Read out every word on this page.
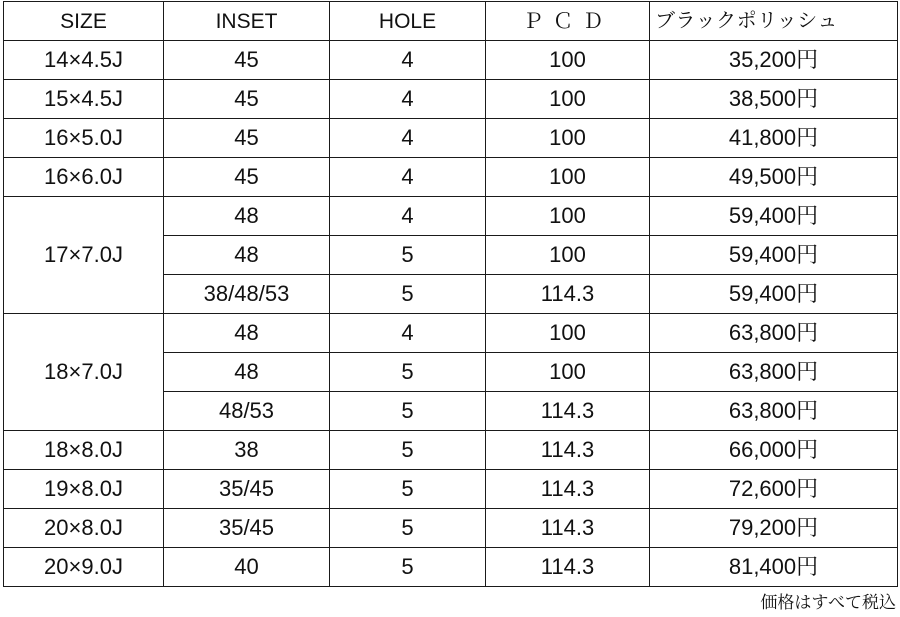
SIZE	INSET	HOLE	ＰＣＤ	ブラックポリッシュ
14×4.5J	45	4	100	35,200円
15×4.5J	45	4	100	38,500円
16×5.0J	45	4	100	41,800円
16×6.0J	45	4	100	49,500円
17×7.0J	48	4	100	59,400円
	48	5	100	59,400円
	38/48/53	5	114.3	59,400円
18×7.0J	48	4	100	63,800円
	48	5	100	63,800円
	48/53	5	114.3	63,800円
18×8.0J	38	5	114.3	66,000円
19×8.0J	35/45	5	114.3	72,600円
20×8.0J	35/45	5	114.3	79,200円
20×9.0J	40	5	114.3	81,400円
価格はすべて税込
